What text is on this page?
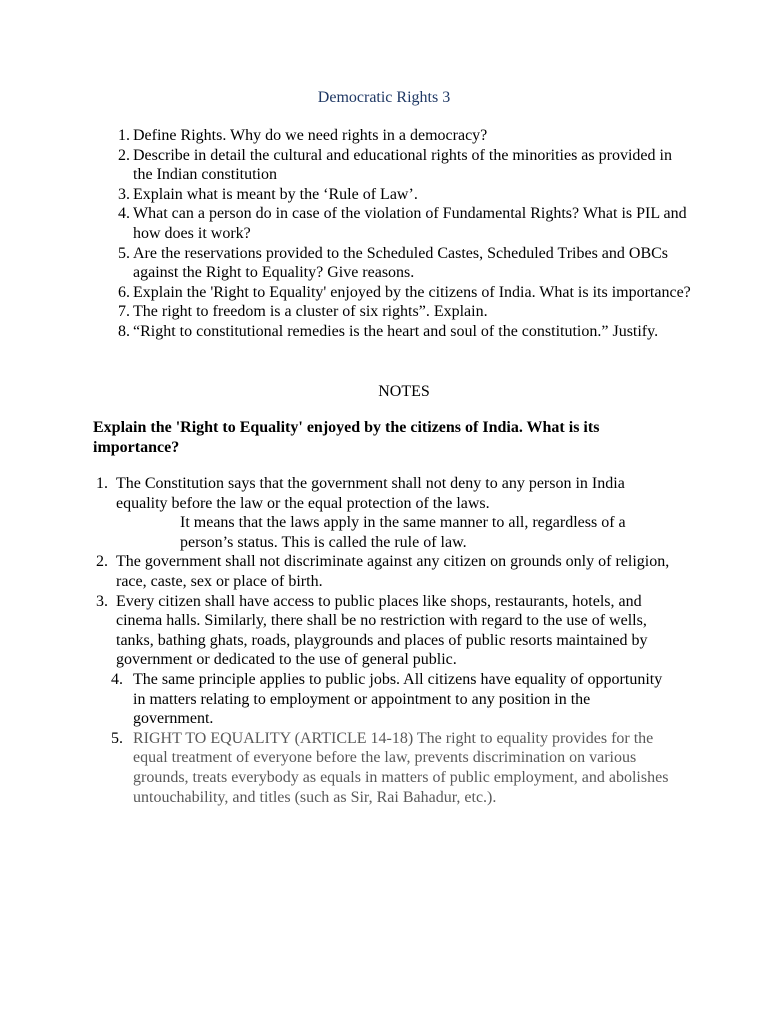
Democratic Rights 3
1. Define Rights. Why do we need rights in a democracy?
2. Describe in detail the cultural and educational rights of the minorities as provided in the Indian constitution
3. Explain what is meant by the ‘Rule of Law’.
4. What can a person do in case of the violation of Fundamental Rights? What is PIL and how does it work?
5. Are the reservations provided to the Scheduled Castes, Scheduled Tribes and OBCs against the Right to Equality? Give reasons.
6. Explain the 'Right to Equality' enjoyed by the citizens of India. What is its importance?
7. The right to freedom is a cluster of six rights”. Explain.
8. “Right to constitutional remedies is the heart and soul of the constitution.” Justify.
NOTES
Explain the 'Right to Equality' enjoyed by the citizens of India. What is its importance?
1. The Constitution says that the government shall not deny to any person in India equality before the law or the equal protection of the laws.
It means that the laws apply in the same manner to all, regardless of a person’s status. This is called the rule of law.
2. The government shall not discriminate against any citizen on grounds only of religion, race, caste, sex or place of birth.
3. Every citizen shall have access to public places like shops, restaurants, hotels, and cinema halls. Similarly, there shall be no restriction with regard to the use of wells, tanks, bathing ghats, roads, playgrounds and places of public resorts maintained by government or dedicated to the use of general public.
4. The same principle applies to public jobs. All citizens have equality of opportunity in matters relating to employment or appointment to any position in the government.
5. RIGHT TO EQUALITY (ARTICLE 14-18) The right to equality provides for the equal treatment of everyone before the law, prevents discrimination on various grounds, treats everybody as equals in matters of public employment, and abolishes untouchability, and titles (such as Sir, Rai Bahadur, etc.).
